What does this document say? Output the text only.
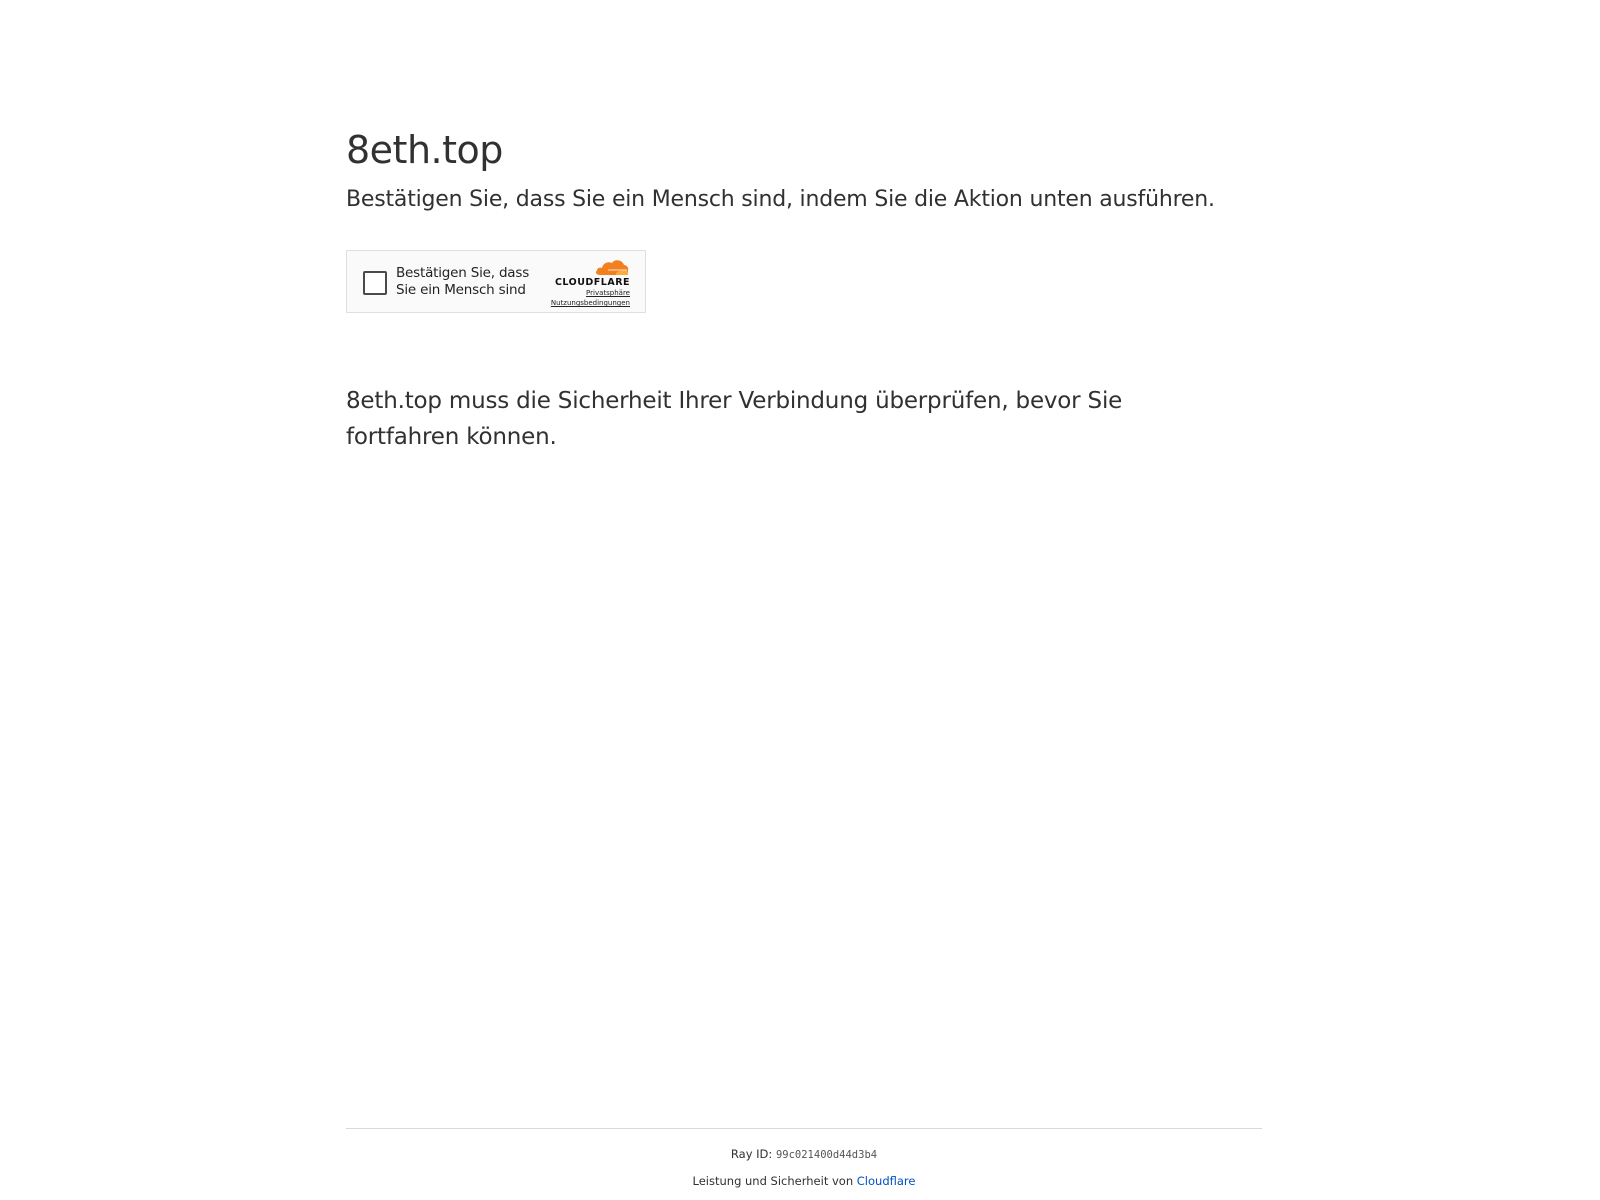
8eth.top

Bestätigen Sie, dass Sie ein Mensch sind, indem Sie die Aktion unten ausführen.

Bestätigen Sie, dass Sie ein Mensch sind	CLOUDFLARE
Privatsphäre
Nutzungsbedingungen
8eth.top muss die Sicherheit Ihrer Verbindung überprüfen, bevor Sie fortfahren können.
Ray ID: 99c021400d44d3b4
Leistung und Sicherheit von Cloudflare
